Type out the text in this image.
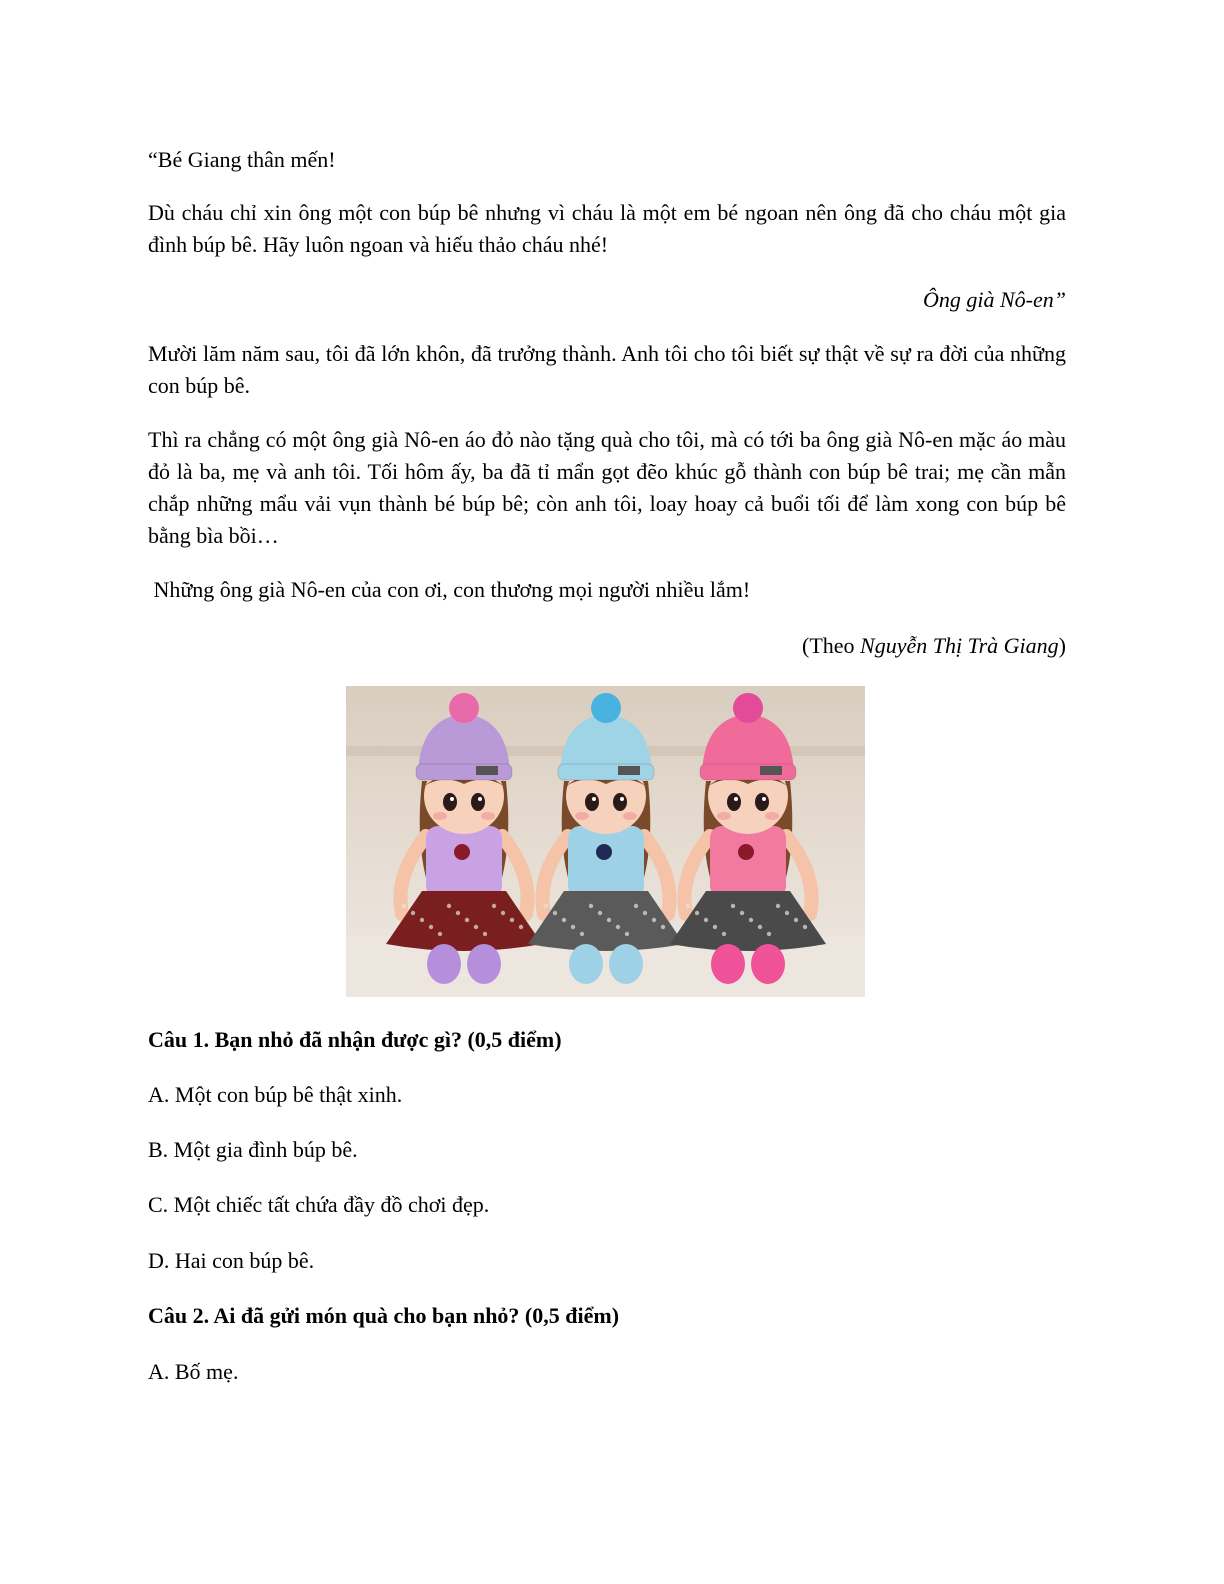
“Bé Giang thân mến!

Dù cháu chỉ xin ông một con búp bê nhưng vì cháu là một em bé ngoan nên ông đã cho cháu một gia đình búp bê. Hãy luôn ngoan và hiếu thảo cháu nhé!

Ông già Nô-en”

Mười lăm năm sau, tôi đã lớn khôn, đã trưởng thành. Anh tôi cho tôi biết sự thật về sự ra đời của những con búp bê.

Thì ra chẳng có một ông già Nô-en áo đỏ nào tặng quà cho tôi, mà có tới ba ông già Nô-en mặc áo màu đỏ là ba, mẹ và anh tôi. Tối hôm ấy, ba đã tỉ mẩn gọt đẽo khúc gỗ thành con búp bê trai; mẹ cần mẫn chắp những mẩu vải vụn thành bé búp bê; còn anh tôi, loay hoay cả buổi tối để làm xong con búp bê bằng bìa bồi…

Những ông già Nô-en của con ơi, con thương mọi người nhiều lắm!

(Theo Nguyễn Thị Trà Giang)

Câu 1. Bạn nhỏ đã nhận được gì? (0,5 điểm)

A. Một con búp bê thật xinh.

B. Một gia đình búp bê.

C. Một chiếc tất chứa đầy đồ chơi đẹp.

D. Hai con búp bê.

Câu 2. Ai đã gửi món quà cho bạn nhỏ? (0,5 điểm)

A. Bố mẹ.
